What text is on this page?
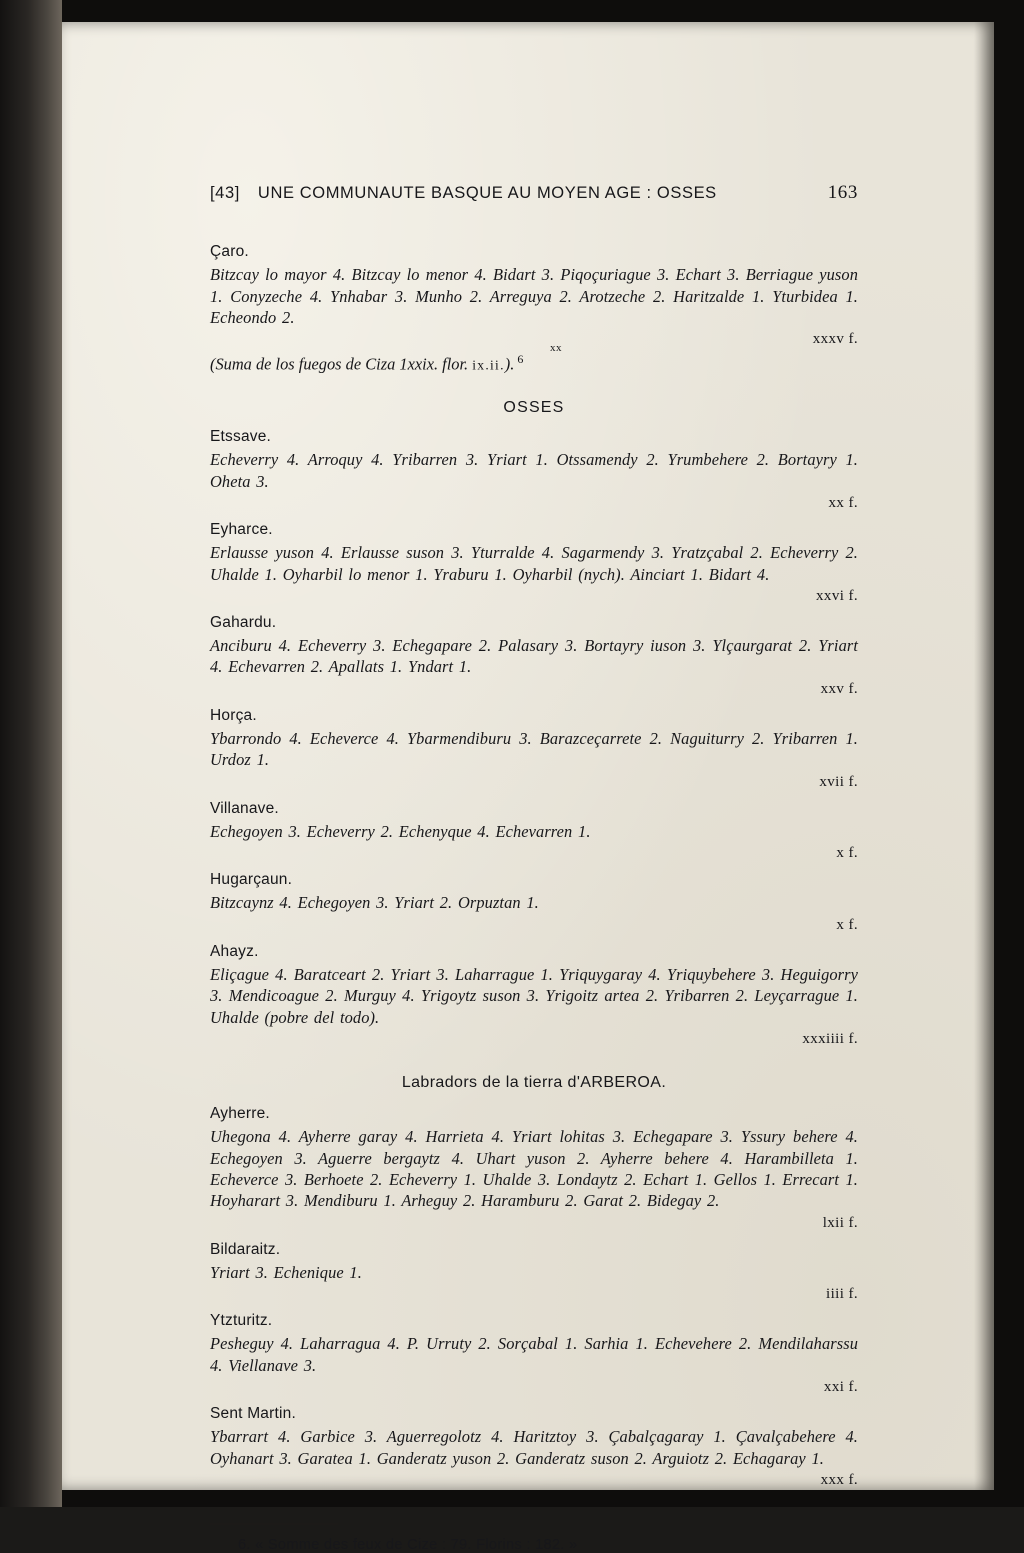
[43] UNE COMMUNAUTE BASQUE AU MOYEN AGE : OSSES	163
Çaro.

Bitzcay lo mayor 4. Bitzcay lo menor 4. Bidart 3. Piqoçuriague 3. Echart 3. Berriague yuson 1. Conyzeche 4. Ynhabar 3. Munho 2. Arreguya 2. Arotzeche 2. Haritzalde 1. Yturbidea 1. Echeondo 2.

xxxv f.

xx
(Suma de los fuegos de Ciza 1xxix. flor. ix.ii.). $^6$

OSSES
Etssave.

Echeverry 4. Arroquy 4. Yribarren 3. Yriart 1. Otssamendy 2. Yrumbehere 2. Bortayry 1. Oheta 3.

xx f.
Eyharce.

Erlausse yuson 4. Erlausse suson 3. Yturralde 4. Sagarmendy 3. Yratzçabal 2. Echeverry 2. Uhalde 1. Oyharbil lo menor 1. Yraburu 1. Oyharbil (nych). Ainciart 1. Bidart 4.

xxvi f.
Gahardu.

Anciburu 4. Echeverry 3. Echegapare 2. Palasary 3. Bortayry iuson 3. Ylçaurgarat 2. Yriart 4. Echevarren 2. Apallats 1. Yndart 1.

xxv f.
Horça.

Ybarrondo 4. Echeverce 4. Ybarmendiburu 3. Barazceçarrete 2. Naguiturry 2. Yribarren 1. Urdoz 1.

xvii f.
Villanave.

Echegoyen 3. Echeverry 2. Echenyque 4. Echevarren 1.

x f.
Hugarçaun.

Bitzcaynz 4. Echegoyen 3. Yriart 2. Orpuztan 1.

x f.
Ahayz.

Eliçague 4. Baratceart 2. Yriart 3. Laharrague 1. Yriquygaray 4. Yriquybehere 3. Heguigorry 3. Mendicoague 2. Murguy 4. Yrigoytz suson 3. Yrigoitz artea 2. Yribarren 2. Leyçarrague 1. Uhalde (pobre del todo).

xxxiiii f.
Labradors de la tierra d'ARBEROA.
Ayherre.

Uhegona 4. Ayherre garay 4. Harrieta 4. Yriart lohitas 3. Echegapare 3. Yssury behere 4. Echegoyen 3. Aguerre bergaytz 4. Uhart yuson 2. Ayherre behere 4. Harambilleta 1. Echeverce 3. Berhoete 2. Echeverry 1. Uhalde 3. Londaytz 2. Echart 1. Gellos 1. Errecart 1. Hoyharart 3. Mendiburu 1. Arheguy 2. Haramburu 2. Garat 2. Bidegay 2.

lxii f.
Bildaraitz.

Yriart 3. Echenique 1.

iiii f.
Ytzturitz.

Pesheguy 4. Laharragua 4. P. Urruty 2. Sorçabal 1. Sarhia 1. Echevehere 2. Mendilaharssu 4. Viellanave 3.

xxi f.
Sent Martin.

Ybarrart 4. Garbice 3. Aguerregolotz 4. Haritztoy 3. Çabalçagaray 1. Çavalçabehere 4. Oyhanart 3. Garatea 1. Ganderatz yuson 2. Ganderatz suson 2. Arguiotz 2. Echagaray 1.

xxx f.
6. « Somme des feux de Cize : 79. Florins : 182. »
